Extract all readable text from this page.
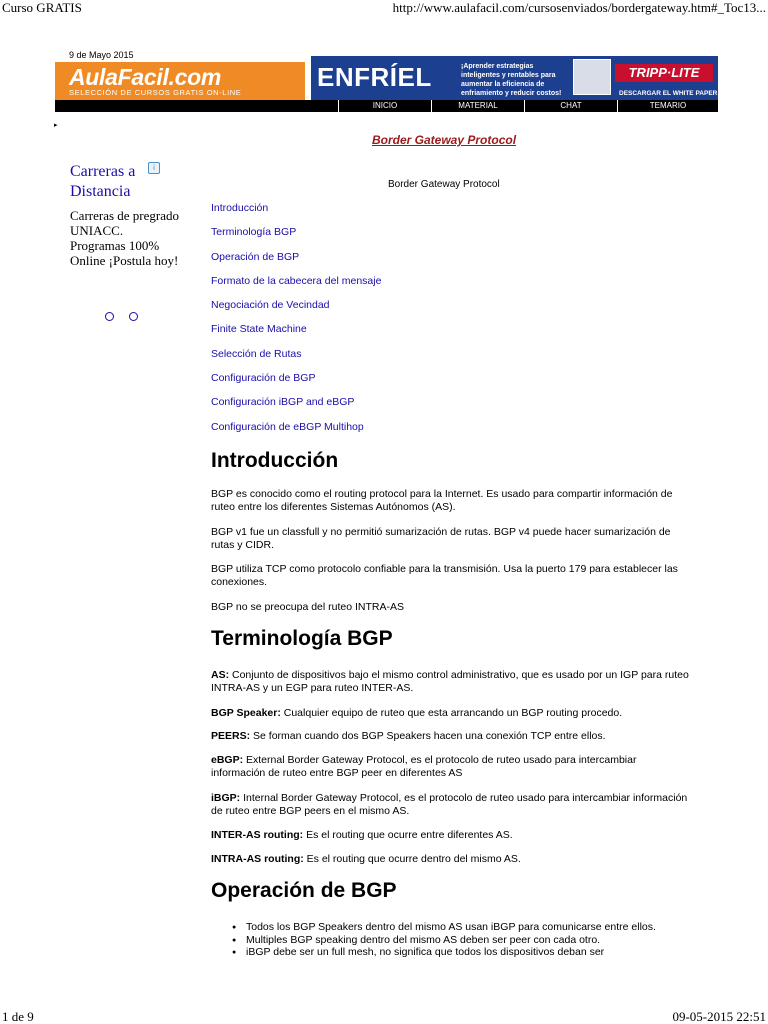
Curso GRATIS	http://www.aulafacil.com/cursosenviados/bordergateway.htm#_Toc13...
1 de 9	09-05-2015 22:51
9 de Mayo 2015
AulaFacil.com
SELECCIÓN DE CURSOS GRATIS ON-LINE
ENFRÍEL	¡Aprender estrategias inteligentes y rentables para aumentar la eficiencia de enfriamiento y reducir costos!
TRIPP·LITE
DESCARGAR EL WHITE PAPER
INICIO	MATERIAL	CHAT	TEMARIO
▸
Border Gateway Protocol
Carreras a Distancia
i
Carreras de pregrado UNIACC. Programas 100% Online ¡Postula hoy!
Border Gateway Protocol
Introducción
Terminología BGP
Operación de BGP
Formato de la cabecera del mensaje
Negociación de Vecindad
Finite State Machine
Selección de Rutas
Configuración de BGP
Configuración iBGP and eBGP
Configuración de eBGP Multihop
Introducción
BGP es conocido como el routing protocol para la Internet. Es usado para compartir información de ruteo entre los diferentes Sistemas Autónomos (AS).
BGP v1 fue un classfull y no permitió sumarización de rutas. BGP v4 puede hacer sumarización de rutas y CIDR.
BGP utiliza TCP como protocolo confiable para la transmisión. Usa la puerto 179 para establecer las conexiones.
BGP no se preocupa del ruteo INTRA-AS
Terminología BGP
AS: Conjunto de dispositivos bajo el mismo control administrativo, que es usado por un IGP para ruteo INTRA-AS y un EGP para ruteo INTER-AS.
BGP Speaker: Cualquier equipo de ruteo que esta arrancando un BGP routing procedo.
PEERS: Se forman cuando dos BGP Speakers hacen una conexión TCP entre ellos.
eBGP: External Border Gateway Protocol, es el protocolo de ruteo usado para intercambiar información de ruteo entre BGP peer en diferentes AS
iBGP: Internal Border Gateway Protocol, es el protocolo de ruteo usado para intercambiar información de ruteo entre BGP peers en el mismo AS.
INTER-AS routing: Es el routing que ocurre entre diferentes AS.
INTRA-AS routing: Es el routing que ocurre dentro del mismo AS.
Operación de BGP
● Todos los BGP Speakers dentro del mismo AS usan iBGP para comunicarse entre ellos.
● Multiples BGP speaking dentro del mismo AS deben ser peer con cada otro.
● iBGP debe ser un full mesh, no significa que todos los dispositivos deban ser
